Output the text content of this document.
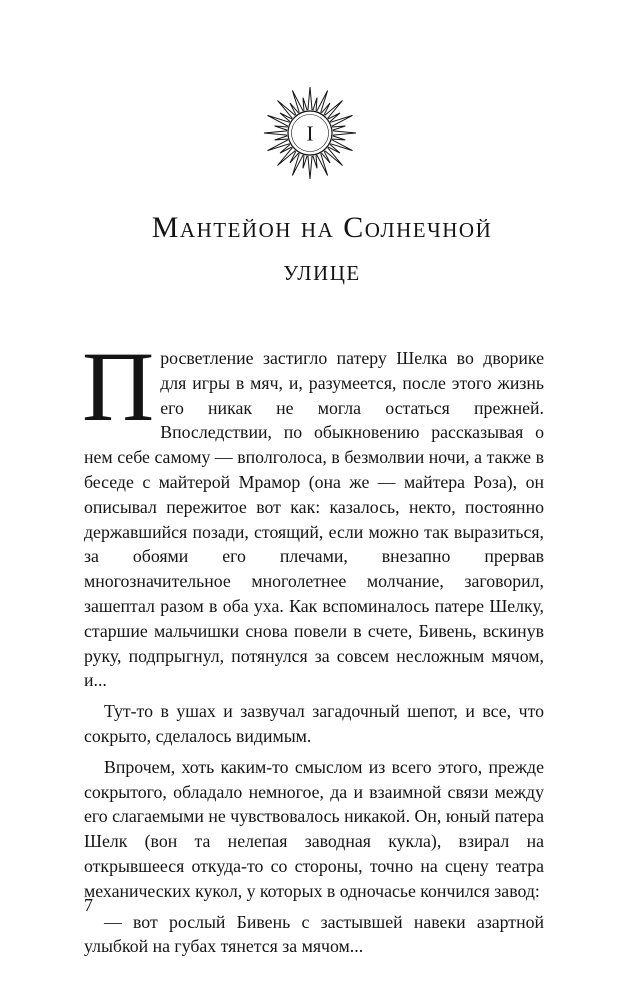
I
Мантейон на Солнечной
улице

Просветление застигло патеру Шелка во дворике для игры в мяч, и, разумеется, после этого жизнь его никак не могла остаться прежней. Впоследствии, по обыкновению рассказывая о нем себе самому — вполголоса, в безмолвии ночи, а также в беседе с майтерой Мрамор (она же — майтера Роза), он описывал пережитое вот как: казалось, некто, постоянно державшийся позади, стоящий, если можно так выразиться, за обоями его плечами, внезапно прервав многозначительное многолетнее молчание, заговорил, зашептал разом в оба уха. Как вспоминалось патере Шелку, старшие мальчишки снова повели в счете, Бивень, вскинув руку, подпрыгнул, потянулся за совсем несложным мячом, и...

Тут-то в ушах и зазвучал загадочный шепот, и все, что сокрыто, сделалось видимым.

Впрочем, хоть каким-то смыслом из всего этого, прежде сокрытого, обладало немногое, да и взаимной связи между его слагаемыми не чувствовалось никакой. Он, юный патера Шелк (вон та нелепая заводная кукла), взирал на открывшееся откуда-то со стороны, точно на сцену театра механических кукол, у которых в одночасье кончился завод:

— вот рослый Бивень с застывшей навеки азартной улыбкой на губах тянется за мячом...

7
